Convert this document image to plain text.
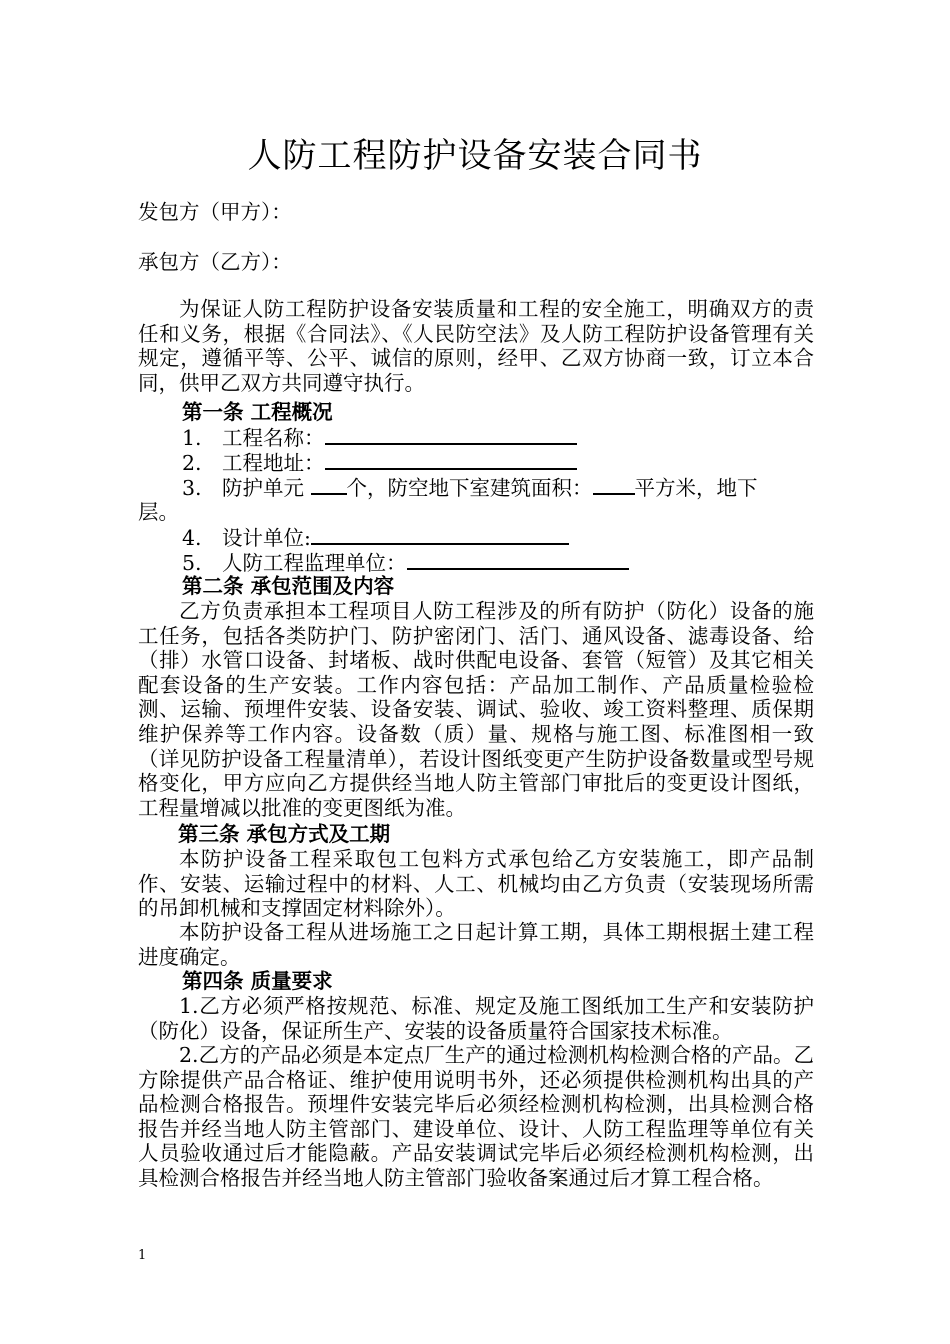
人防工程防护设备安装合同书
发包方（甲方）：
承包方（乙方）：
为保证人防工程防护设备安装质量和工程的安全施工，明确双方的责任和义务，根据《合同法》、《人民防空法》及人防工程防护设备管理有关规定，遵循平等、公平、诚信的原则，经甲、乙双方协商一致，订立本合同，供甲乙双方共同遵守执行。
第一条 工程概况
1. 工程名称：
2. 工程地址：
3. 防护单元 个，防空地下室建筑面积： 平方米，地下
层。
4. 设计单位:
5. 人防工程监理单位：
第二条 承包范围及内容
乙方负责承担本工程项目人防工程涉及的所有防护（防化）设备的施工任务，包括各类防护门、防护密闭门、活门、通风设备、滤毒设备、给（排）水管口设备、封堵板、战时供配电设备、套管（短管）及其它相关配套设备的生产安装。工作内容包括：产品加工制作、产品质量检验检测、运输、预埋件安装、设备安装、调试、验收、竣工资料整理、质保期维护保养等工作内容。设备数（质）量、规格与施工图、标准图相一致（详见防护设备工程量清单），若设计图纸变更产生防护设备数量或型号规格变化，甲方应向乙方提供经当地人防主管部门审批后的变更设计图纸，工程量增减以批准的变更图纸为准。
第三条 承包方式及工期
本防护设备工程采取包工包料方式承包给乙方安装施工，即产品制作、安装、运输过程中的材料、人工、机械均由乙方负责（安装现场所需的吊卸机械和支撑固定材料除外）。
本防护设备工程从进场施工之日起计算工期，具体工期根据土建工程进度确定。
第四条 质量要求
1.乙方必须严格按规范、标准、规定及施工图纸加工生产和安装防护（防化）设备，保证所生产、安装的设备质量符合国家技术标准。
2.乙方的产品必须是本定点厂生产的通过检测机构检测合格的产品。乙方除提供产品合格证、维护使用说明书外，还必须提供检测机构出具的产品检测合格报告。预埋件安装完毕后必须经检测机构检测，出具检测合格报告并经当地人防主管部门、建设单位、设计、人防工程监理等单位有关人员验收通过后才能隐蔽。产品安装调试完毕后必须经检测机构检测，出具检测合格报告并经当地人防主管部门验收备案通过后才算工程合格。
1
